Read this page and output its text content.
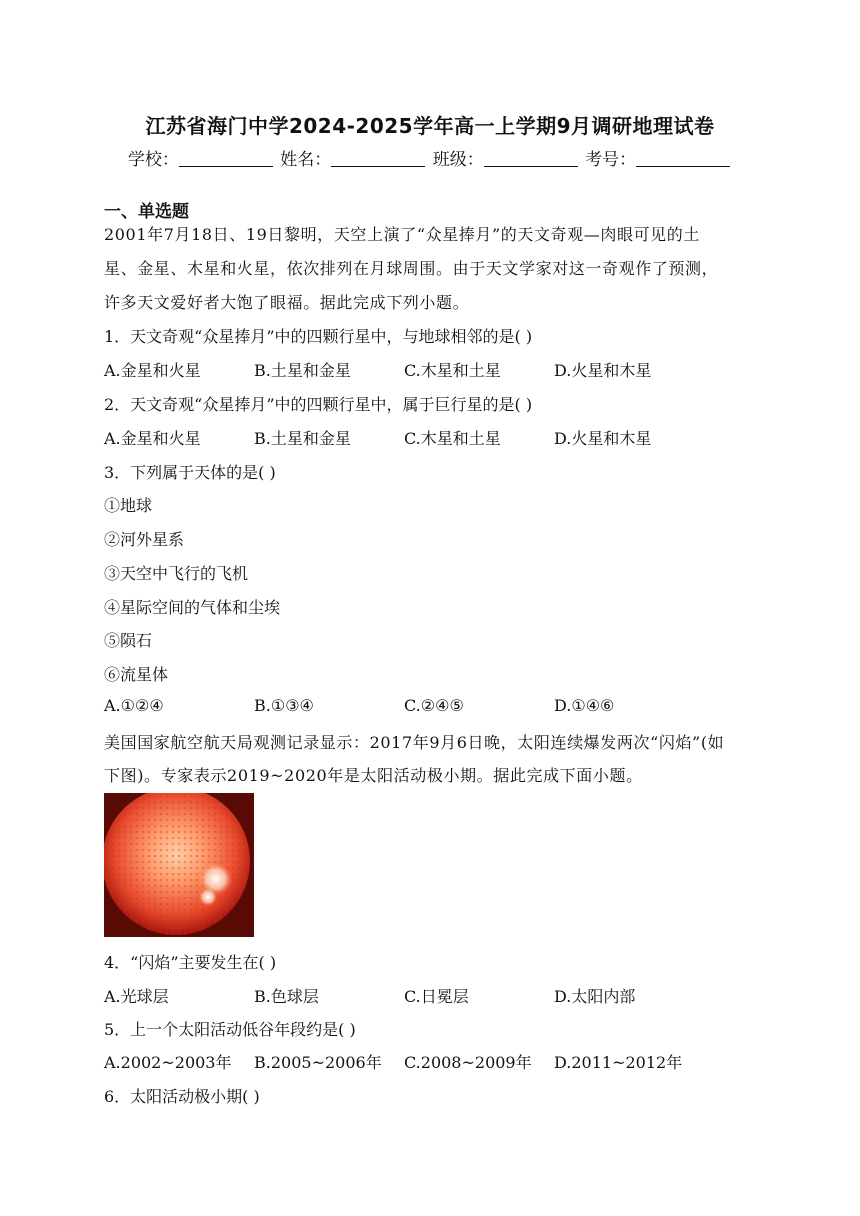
江苏省海门中学2024-2025学年高一上学期9月调研地理试卷
学校：	姓名：	班级：	考号：
一、单选题
2001年7月18日、19日黎明，天空上演了“众星捧月”的天文奇观—肉眼可见的土
星、金星、木星和火星，依次排列在月球周围。由于天文学家对这一奇观作了预测，
许多天文爱好者大饱了眼福。据此完成下列小题。
1．天文奇观“众星捧月”中的四颗行星中，与地球相邻的是( )
A.金星和火星	B.土星和金星	C.木星和土星	D.火星和木星
2．天文奇观“众星捧月”中的四颗行星中，属于巨行星的是( )
A.金星和火星	B.土星和金星	C.木星和土星	D.火星和木星
3．下列属于天体的是( )
①地球
②河外星系
③天空中飞行的飞机
④星际空间的气体和尘埃
⑤陨石
⑥流星体
A.①②④	B.①③④	C.②④⑤	D.①④⑥
美国国家航空航天局观测记录显示：2017年9月6日晚，太阳连续爆发两次“闪焰”(如
下图)。专家表示2019~2020年是太阳活动极小期。据此完成下面小题。
4．“闪焰”主要发生在( )
A.光球层	B.色球层	C.日冕层	D.太阳内部
5．上一个太阳活动低谷年段约是( )
A.2002~2003年 B.2005~2006年 C.2008~2009年 D.2011~2012年
6．太阳活动极小期( )
